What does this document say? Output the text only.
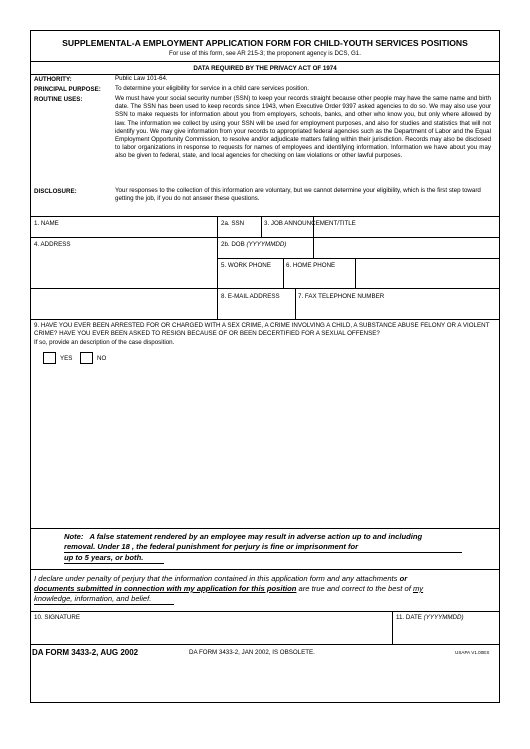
SUPPLEMENTAL-A EMPLOYMENT APPLICATION FORM FOR CHILD-YOUTH SERVICES POSITIONS
For use of this form, see AR 215-3; the proponent agency is DCS, G1.
DATA REQUIRED BY THE PRIVACY ACT OF 1974
AUTHORITY:	Public Law 101-64.
PRINCIPAL PURPOSE: To determine your eligibility for service in a child care services position.
ROUTINE USES:	We must have your social security number (SSN) to keep your records straight because other people may have the same name and birth date. The SSN has been used to keep records since 1943, when Executive Order 9397 asked agencies to do so. We may also use your SSN to make requests for information about you from employers, schools, banks, and other who know you, but only where allowed by law. The information we collect by using your SSN will be used for employment purposes, and also for studies and statistics that will not identify you. We may give information from your records to appropriated federal agencies such as the Department of Labor and the Equal Employment Opportunity Commission, to resolve and/or adjudicate matters falling within their jurisdiction. Records may also be disclosed to labor organizations in response to requests for names of employees and identifying information. Information we have about you may also be given to federal, state, and local agencies for checking on law violations or other lawful purposes.
DISCLOSURE:	Your responses to the collection of this information are voluntary, but we cannot determine your eligibility, which is the first step toward getting the job, if you do not answer these questions.
1. NAME	2a. SSN	3. JOB ANNOUNCEMENT/TITLE
4. ADDRESS	2b. DOB (YYYYMMDD)
5. WORK PHONE 6. HOME PHONE
8. E-MAIL ADDRESS	7. FAX TELEPHONE NUMBER
9. HAVE YOU EVER BEEN ARRESTED FOR OR CHARGED WITH A SEX CRIME, A CRIME INVOLVING A CHILD, A SUBSTANCE ABUSE FELONY OR A VIOLENT CRIME? HAVE YOU EVER BEEN ASKED TO RESIGN BECAUSE OF OR BEEN DECERTIFIED FOR A SEXUAL OFFENSE?
If so, provide an description of the case disposition.
YES	NO
Note: A false statement rendered by an employee may result in adverse action up to and including
removal. Under 18 , the federal punishment for perjury is fine or imprisonment for
up to 5 years, or both.
I declare under penalty of perjury that the information contained in this application form and any attachments or
documents submitted in connection with my application for this position are true and correct to the best of my
knowledge, information, and belief.
10. SIGNATURE	11. DATE (YYYYMMDD)
DA FORM 3433-2, AUG 2002	DA FORM 3433-2, JAN 2002, IS OBSOLETE.	USAPA V1.00ES
